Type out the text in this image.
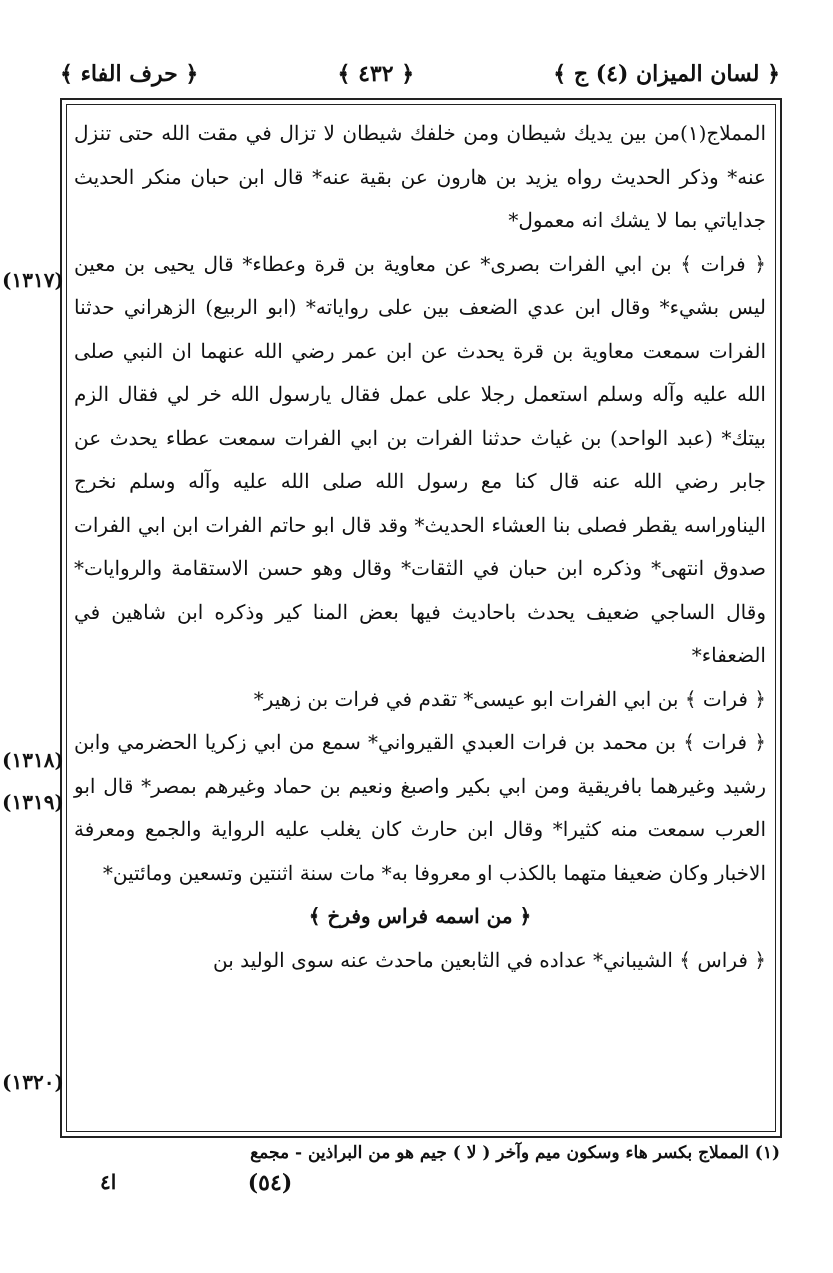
﴿ لسان الميزان (٤) ج ﴾
﴿ ٤٣٢ ﴾
﴿ حرف الفاء ﴾
(١٣١٧)
(١٣١٨)
(١٣١٩)
(١٣٢٠)

المملاج(١)من بين يديك شيطان ومن خلفك شيطان لا تزال في مقت الله حتى تنزل عنه* وذكر الحديث رواه يزيد بن هارون عن بقية عنه* قال ابن حبان منكر الحديث جداياتي بما لا يشك انه معمول*

﴿ فرات ﴾ بن ابي الفرات بصرى* عن معاوية بن قرة وعطاء* قال يحيى بن معين ليس بشيء* وقال ابن عدي الضعف بين على رواياته* (ابو الربيع) الزهراني حدثنا الفرات سمعت معاوية بن قرة يحدث عن ابن عمر رضي الله عنهما ان النبي صلى الله عليه وآله وسلم استعمل رجلا على عمل فقال يارسول الله خر لي فقال الزم بيتك* (عبد الواحد) بن غياث حدثنا الفرات بن ابي الفرات سمعت عطاء يحدث عن جابر رضي الله عنه قال كنا مع رسول الله صلى الله عليه وآله وسلم نخرج اليناوراسه يقطر فصلى بنا العشاء الحديث* وقد قال ابو حاتم الفرات ابن ابي الفرات صدوق انتهى* وذكره ابن حبان في الثقات* وقال وهو حسن الاستقامة والروايات* وقال الساجي ضعيف يحدث باحاديث فيها بعض المنا كير وذكره ابن شاهين في الضعفاء*

﴿ فرات ﴾ بن ابي الفرات ابو عيسى* تقدم في فرات بن زهير*

﴿ فرات ﴾ بن محمد بن فرات العبدي القيرواني* سمع من ابي زكريا الحضرمي وابن رشيد وغيرهما بافريقية ومن ابي بكير واصبغ ونعيم بن حماد وغيرهم بمصر* قال ابو العرب سمعت منه كثيرا* وقال ابن حارث كان يغلب عليه الرواية والجمع ومعرفة الاخبار وكان ضعيفا متهما بالكذب او معروفا به* مات سنة اثنتين وتسعين ومائتين*

﴿ من اسمه فراس وفرخ ﴾

﴿ فراس ﴾ الشيباني* عداده في الثابعين ماحدث عنه سوى الوليد بن

(١) المملاج بكسر هاء وسكون ميم وآخر ( لا ) جيم هو من البراذين - مجمع
(٥٤)
ا٤
